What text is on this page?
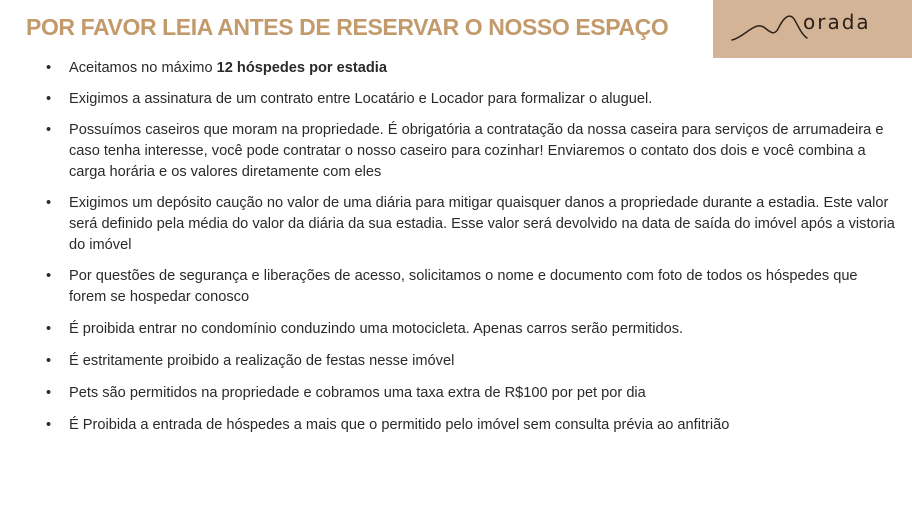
POR FAVOR LEIA ANTES DE RESERVAR O NOSSO ESPAÇO	orada
• Aceitamos no máximo 12 hóspedes por estadia
• Exigimos a assinatura de um contrato entre Locatário e Locador para formalizar o aluguel.
• Possuímos caseiros que moram na propriedade. É obrigatória a contratação da nossa caseira para serviços de arrumadeira e caso tenha interesse, você pode contratar o nosso caseiro para cozinhar! Enviaremos o contato dos dois e você combina a carga horária e os valores diretamente com eles
• Exigimos um depósito caução no valor de uma diária para mitigar quaisquer danos a propriedade durante a estadia. Este valor será definido pela média do valor da diária da sua estadia. Esse valor será devolvido na data de saída do imóvel após a vistoria do imóvel
• Por questões de segurança e liberações de acesso, solicitamos o nome e documento com foto de todos os hóspedes que forem se hospedar conosco
• É proibida entrar no condomínio conduzindo uma motocicleta. Apenas carros serão permitidos.
• É estritamente proibido a realização de festas nesse imóvel
• Pets são permitidos na propriedade e cobramos uma taxa extra de R$100 por pet por dia
• É Proibida a entrada de hóspedes a mais que o permitido pelo imóvel sem consulta prévia ao anfitrião
